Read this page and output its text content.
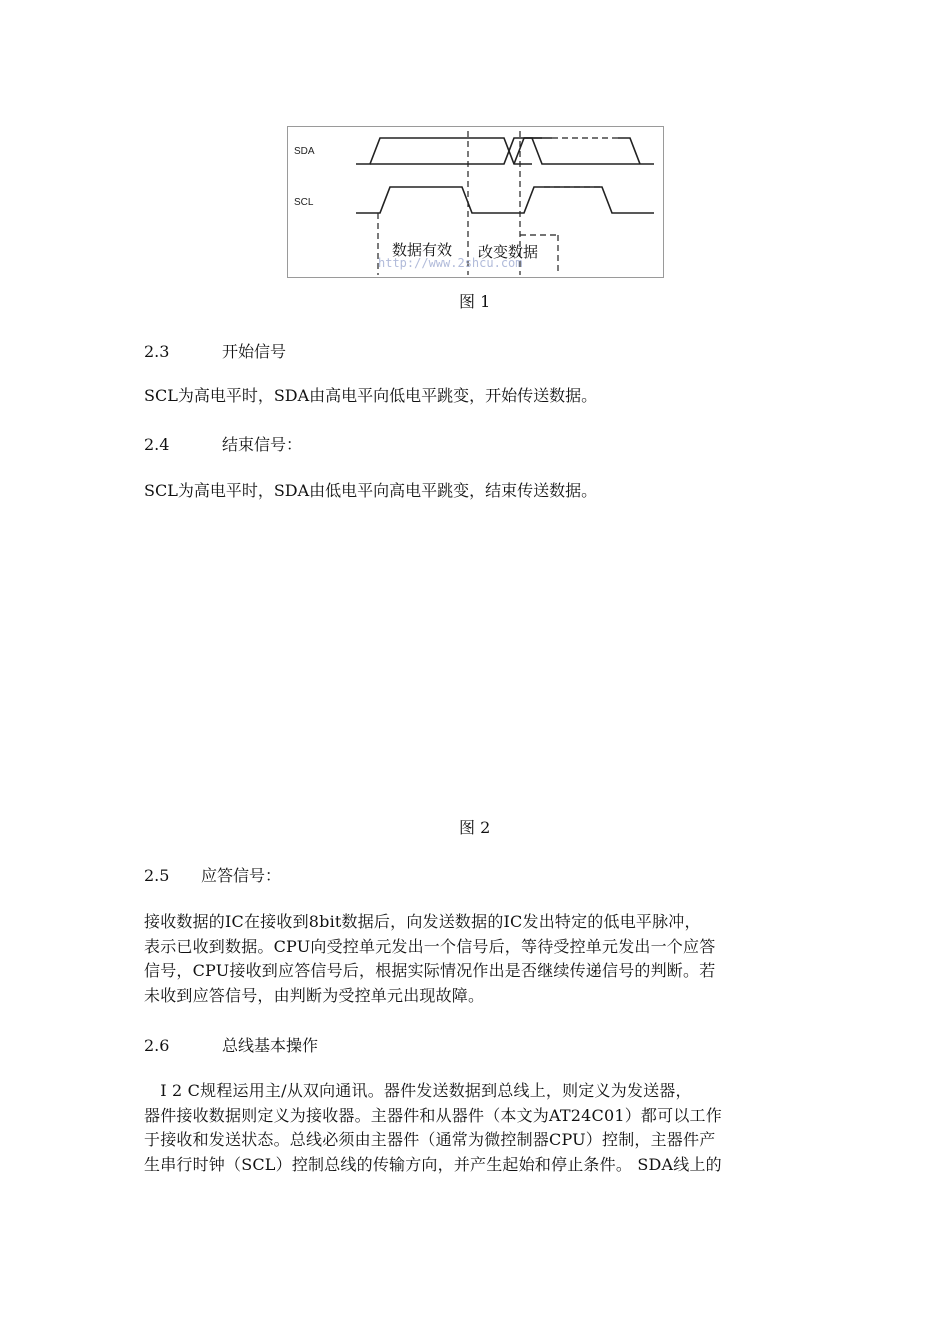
SDA
SCL
数据有效 改变数据
http://www.2shcu.com
图 1
2.3	开始信号
SCL为高电平时，SDA由高电平向低电平跳变，开始传送数据。
2.4	结束信号：
SCL为高电平时，SDA由低电平向高电平跳变，结束传送数据。
图 2
2.5 应答信号：
接收数据的IC在接收到8bit数据后，向发送数据的IC发出特定的低电平脉冲，
表示已收到数据。CPU向受控单元发出一个信号后，等待受控单元发出一个应答
信号，CPU接收到应答信号后，根据实际情况作出是否继续传递信号的判断。若
未收到应答信号，由判断为受控单元出现故障。
2.6	总线基本操作
　I 2 C规程运用主/从双向通讯。器件发送数据到总线上，则定义为发送器，
器件接收数据则定义为接收器。主器件和从器件（本文为AT24C01）都可以工作
于接收和发送状态。总线必须由主器件（通常为微控制器CPU）控制，主器件产
生串行时钟（SCL）控制总线的传输方向，并产生起始和停止条件。 SDA线上的
